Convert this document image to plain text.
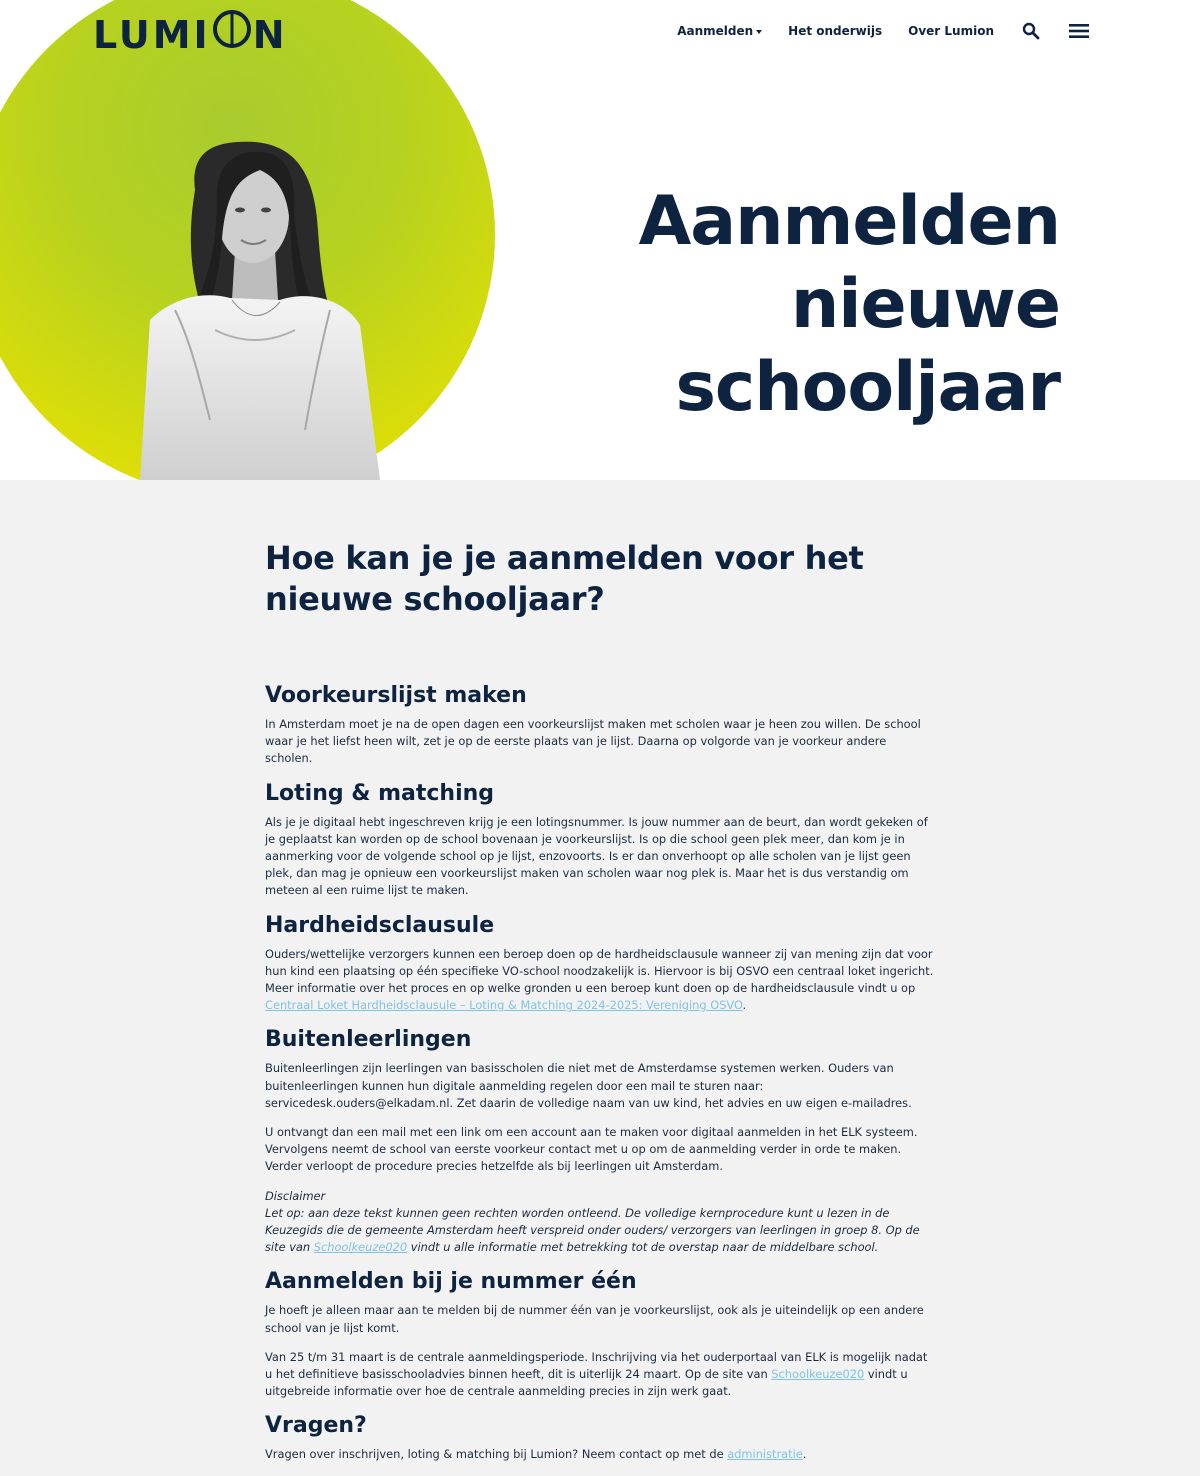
LUMI N	Aanmelden	Het onderwijs Over Lumion
Aanmelden
nieuwe
schooljaar
Hoe kan je je aanmelden voor het nieuwe schooljaar?
Voorkeurslijst maken

In Amsterdam moet je na de open dagen een voorkeurslijst maken met scholen waar je heen zou willen. De school waar je het liefst heen wilt, zet je op de eerste plaats van je lijst. Daarna op volgorde van je voorkeur andere scholen.

Loting & matching

Als je je digitaal hebt ingeschreven krijg je een lotingsnummer. Is jouw nummer aan de beurt, dan wordt gekeken of je geplaatst kan worden op de school bovenaan je voorkeurslijst. Is op die school geen plek meer, dan kom je in aanmerking voor de volgende school op je lijst, enzovoorts. Is er dan onverhoopt op alle scholen van je lijst geen plek, dan mag je opnieuw een voorkeurslijst maken van scholen waar nog plek is. Maar het is dus verstandig om meteen al een ruime lijst te maken.

Hardheidsclausule

Ouders/wettelijke verzorgers kunnen een beroep doen op de hardheidsclausule wanneer zij van mening zijn dat voor hun kind een plaatsing op één specifieke VO-school noodzakelijk is. Hiervoor is bij OSVO een centraal loket ingericht. Meer informatie over het proces en op welke gronden u een beroep kunt doen op de hardheidsclausule vindt u op Centraal Loket Hardheidsclausule – Loting & Matching 2024-2025: Vereniging OSVO.

Buitenleerlingen

Buitenleerlingen zijn leerlingen van basisscholen die niet met de Amsterdamse systemen werken. Ouders van buitenleerlingen kunnen hun digitale aanmelding regelen door een mail te sturen naar: servicedesk.ouders@elkadam.nl. Zet daarin de volledige naam van uw kind, het advies en uw eigen e-mailadres.

U ontvangt dan een mail met een link om een account aan te maken voor digitaal aanmelden in het ELK systeem. Vervolgens neemt de school van eerste voorkeur contact met u op om de aanmelding verder in orde te maken. Verder verloopt de procedure precies hetzelfde als bij leerlingen uit Amsterdam.

Disclaimer
Let op: aan deze tekst kunnen geen rechten worden ontleend. De volledige kernprocedure kunt u lezen in de Keuzegids die de gemeente Amsterdam heeft verspreid onder ouders/ verzorgers van leerlingen in groep 8. Op de site van Schoolkeuze020 vindt u alle informatie met betrekking tot de overstap naar de middelbare school.

Aanmelden bij je nummer één

Je hoeft je alleen maar aan te melden bij de nummer één van je voorkeurslijst, ook als je uiteindelijk op een andere school van je lijst komt.

Van 25 t/m 31 maart is de centrale aanmeldingsperiode. Inschrijving via het ouderportaal van ELK is mogelijk nadat u het definitieve basisschooladvies binnen heeft, dit is uiterlijk 24 maart. Op de site van Schoolkeuze020 vindt u uitgebreide informatie over hoe de centrale aanmelding precies in zijn werk gaat.

Vragen?

Vragen over inschrijven, loting & matching bij Lumion? Neem contact op met de administratie.
